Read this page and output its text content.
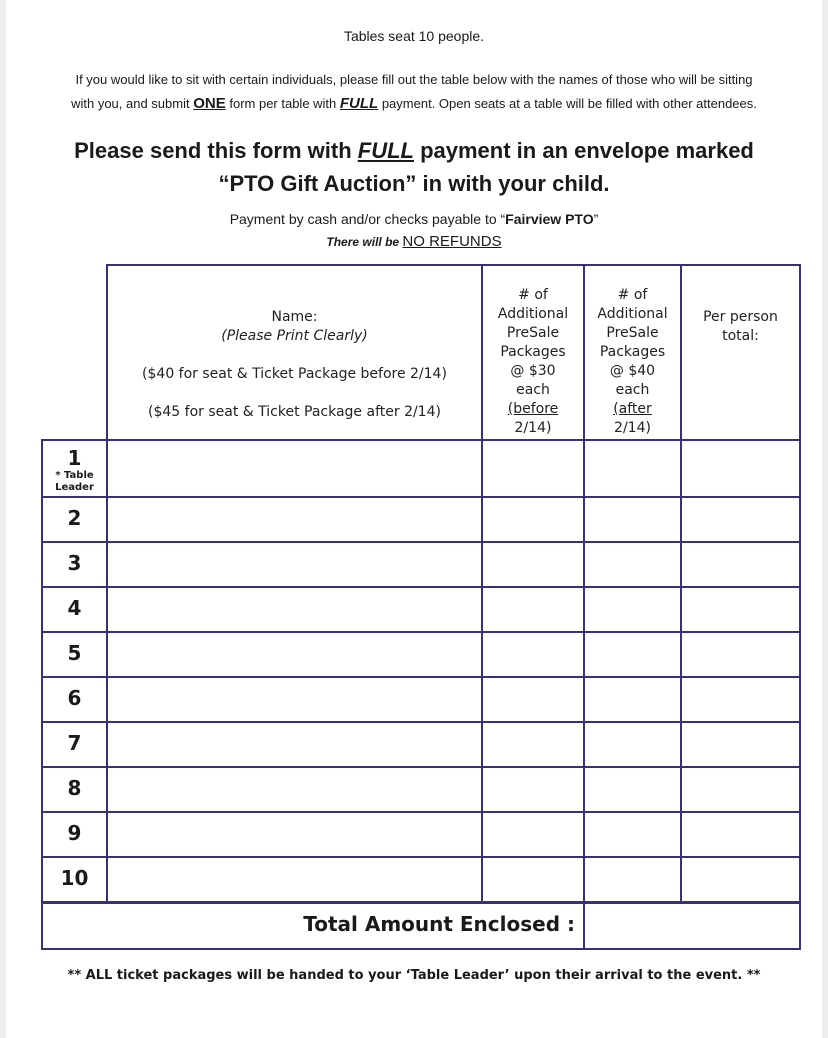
Tables seat 10 people.
If you would like to sit with certain individuals, please fill out the table below with the names of those who will be sitting
with you, and submit ONE form per table with FULL payment. Open seats at a table will be filled with other attendees.
Please send this form with FULL payment in an envelope marked
“PTO Gift Auction” in with your child.
Payment by cash and/or checks payable to “Fairview PTO”
There will be NO REFUNDS
Name:
(Please Print Clearly)
($40 for seat & Ticket Package before 2/14)
($45 for seat & Ticket Package after 2/14)
# of
Additional
PreSale
Packages
@ $30
each
(before
2/14)
# of
Additional
PreSale
Packages
@ $40
each
(after
2/14)
Per person
total:
1
* Table
Leader
2
3
4
5
6
7
8
9
10
Total Amount Enclosed :
** ALL ticket packages will be handed to your ‘Table Leader’ upon their arrival to the event. **
